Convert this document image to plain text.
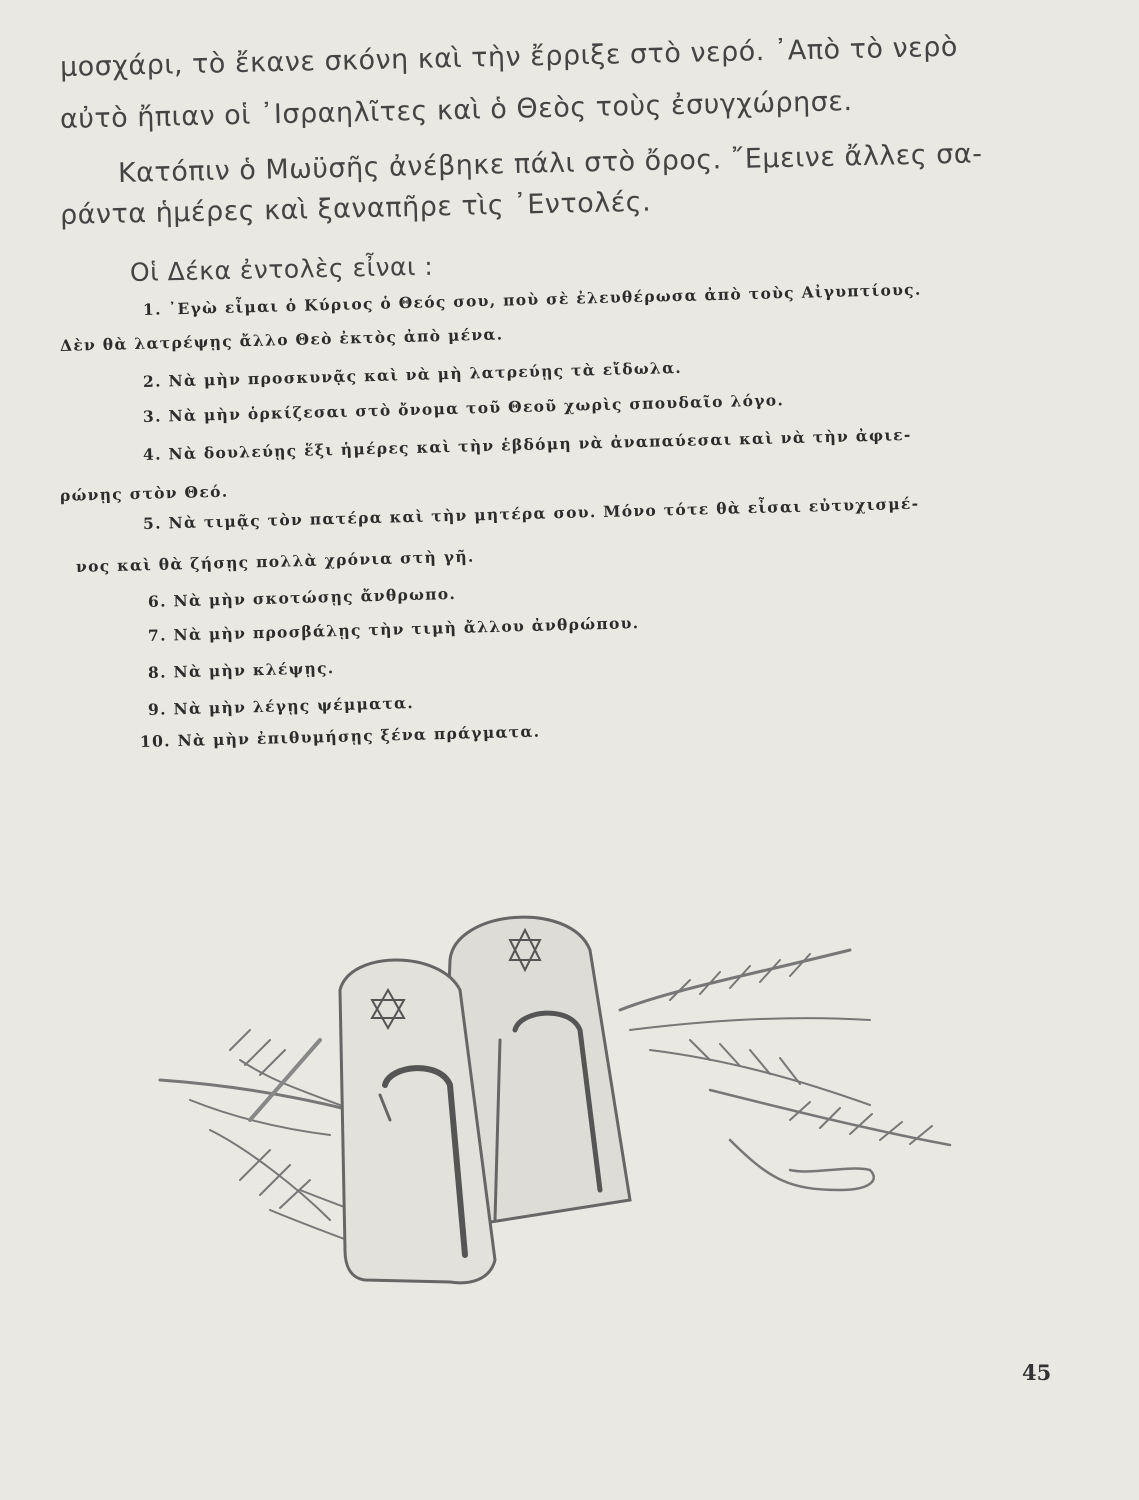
μοσχάρι, τὸ ἔκανε σκόνη καὶ τὴν ἔρριξε στὸ νερό. ᾿Απὸ τὸ νερὸ
αὐτὸ ἤπιαν οἱ ᾿Ισραηλῖτες καὶ ὁ Θεὸς τοὺς ἐσυγχώρησε.
Κατόπιν ὁ Μωϋσῆς ἀνέβηκε πάλι στὸ ὄρος. ῎Εμεινε ἄλλες σα-
ράντα ἡμέρες καὶ ξαναπῆρε τὶς ᾿Εντολές.
Οἱ Δέκα ἐντολὲς εἶναι :
1. ᾿Εγὼ εἶμαι ὁ Κύριος ὁ Θεός σου, ποὺ σὲ ἐλευθέρωσα ἀπὸ τοὺς Αἰγυπτίους.
Δὲν θὰ λατρέψῃς ἄλλο Θεὸ ἐκτὸς ἀπὸ μένα.
2. Νὰ μὴν προσκυνᾷς καὶ νὰ μὴ λατρεύῃς τὰ εἴδωλα.
3. Νὰ μὴν ὁρκίζεσαι στὸ ὄνομα τοῦ Θεοῦ χωρὶς σπουδαῖο λόγο.
4. Νὰ δουλεύῃς ἕξι ἡμέρες καὶ τὴν ἑβδόμη νὰ ἀναπαύεσαι καὶ νὰ τὴν ἀφιε-
ρώνῃς στὸν Θεό.
5. Νὰ τιμᾷς τὸν πατέρα καὶ τὴν μητέρα σου. Μόνο τότε θὰ εἶσαι εὐτυχισμέ-
νος καὶ θὰ ζήσῃς πολλὰ χρόνια στὴ γῆ.
6. Νὰ μὴν σκοτώσῃς ἄνθρωπο.
7. Νὰ μὴν προσβάλῃς τὴν τιμὴ ἄλλου ἀνθρώπου.
8. Νὰ μὴν κλέψῃς.
9. Νὰ μὴν λέγῃς ψέμματα.
10. Νὰ μὴν ἐπιθυμήσῃς ξένα πράγματα.
45
